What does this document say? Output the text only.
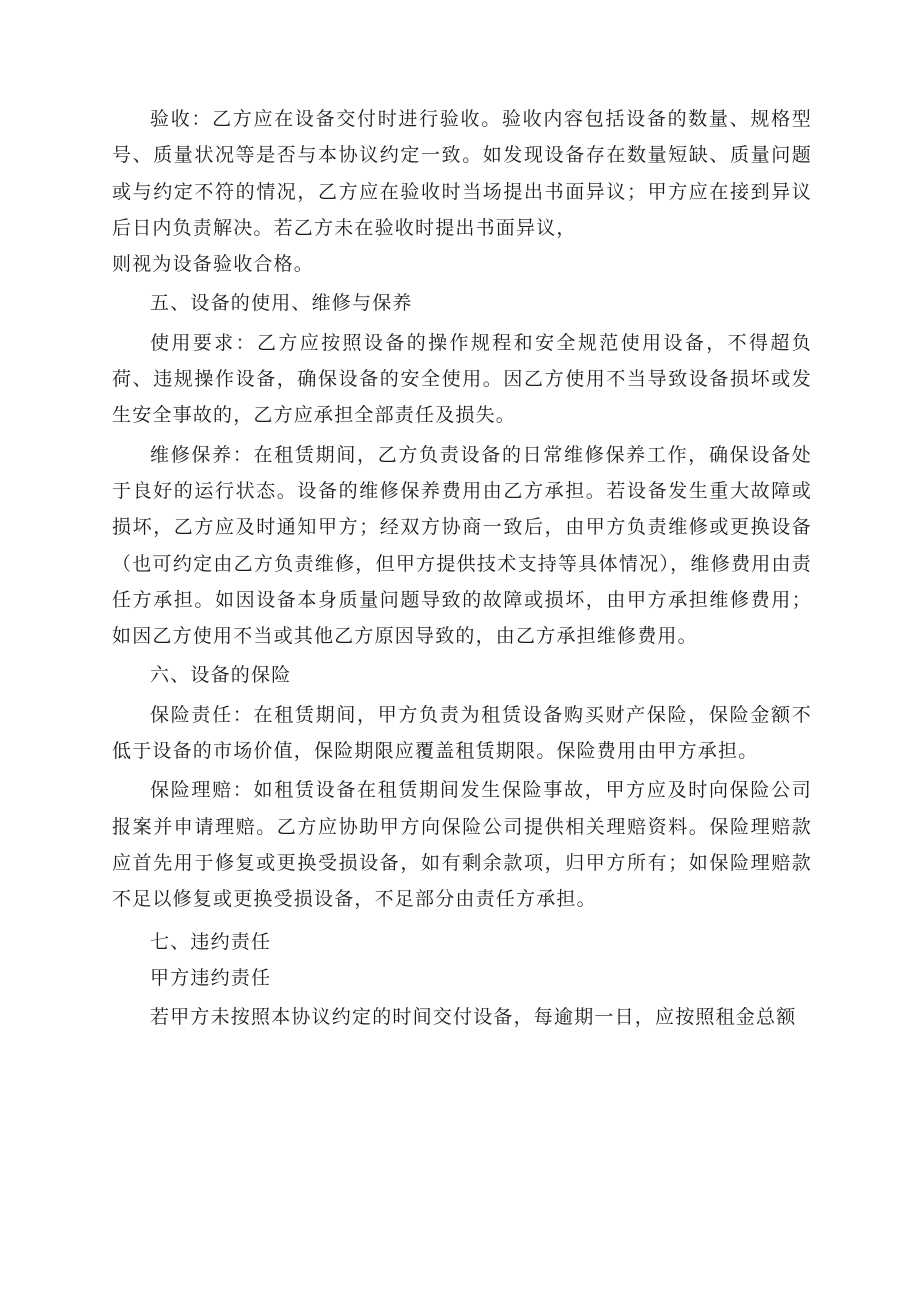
验收：乙方应在设备交付时进行验收。验收内容包括设备的数量、规格型号、质量状况等是否与本协议约定一致。如发现设备存在数量短缺、质量问题或与约定不符的情况，乙方应在验收时当场提出书面异议；甲方应在接到异议后日内负责解决。若乙方未在验收时提出书面异议，

则视为设备验收合格。

五、设备的使用、维修与保养

使用要求：乙方应按照设备的操作规程和安全规范使用设备，不得超负荷、违规操作设备，确保设备的安全使用。因乙方使用不当导致设备损坏或发生安全事故的，乙方应承担全部责任及损失。

维修保养：在租赁期间，乙方负责设备的日常维修保养工作，确保设备处于良好的运行状态。设备的维修保养费用由乙方承担。若设备发生重大故障或损坏，乙方应及时通知甲方；经双方协商一致后，由甲方负责维修或更换设备（也可约定由乙方负责维修，但甲方提供技术支持等具体情况），维修费用由责任方承担。如因设备本身质量问题导致的故障或损坏，由甲方承担维修费用；如因乙方使用不当或其他乙方原因导致的，由乙方承担维修费用。

六、设备的保险

保险责任：在租赁期间，甲方负责为租赁设备购买财产保险，保险金额不低于设备的市场价值，保险期限应覆盖租赁期限。保险费用由甲方承担。

保险理赔：如租赁设备在租赁期间发生保险事故，甲方应及时向保险公司报案并申请理赔。乙方应协助甲方向保险公司提供相关理赔资料。保险理赔款应首先用于修复或更换受损设备，如有剩余款项，归甲方所有；如保险理赔款不足以修复或更换受损设备，不足部分由责任方承担。

七、违约责任

甲方违约责任

若甲方未按照本协议约定的时间交付设备，每逾期一日，应按照租金总额
